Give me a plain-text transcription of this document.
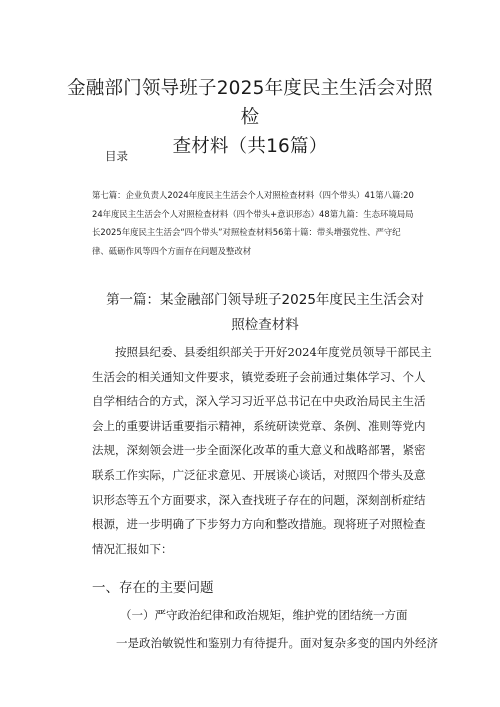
金融部门领导班子2025年度民主生活会对照检
查材料（共16篇）
目录
第七篇：企业负责人2024年度民主生活会个人对照检查材料（四个带头）41第八篇:2024年度民主生活会个人对照检查材料（四个带头+意识形态）48第九篇：生态环境局局长2025年度民主生活会“四个带头”对照检查材料56第十篇：带头增强党性、严守纪律、砥砺作风等四个方面存在问题及整改材
第一篇：某金融部门领导班子2025年度民主生活会对
照检查材料

按照县纪委、县委组织部关于开好2024年度党员领导干部民主生活会的相关通知文件要求，镇党委班子会前通过集体学习、个人自学相结合的方式，深入学习习近平总书记在中央政治局民主生活会上的重要讲话重要指示精神，系统研读党章、条例、准则等党内法规，深刻领会进一步全面深化改革的重大意义和战略部署，紧密联系工作实际，广泛征求意见、开展谈心谈话，对照四个带头及意识形态等五个方面要求，深入查找班子存在的问题，深刻剖析症结根源，进一步明确了下步努力方向和整改措施。现将班子对照检查情况汇报如下：

一、存在的主要问题
（一）严守政治纪律和政治规矩，维护党的团结统一方面
一是政治敏锐性和鉴别力有待提升。面对复杂多变的国内外经济
